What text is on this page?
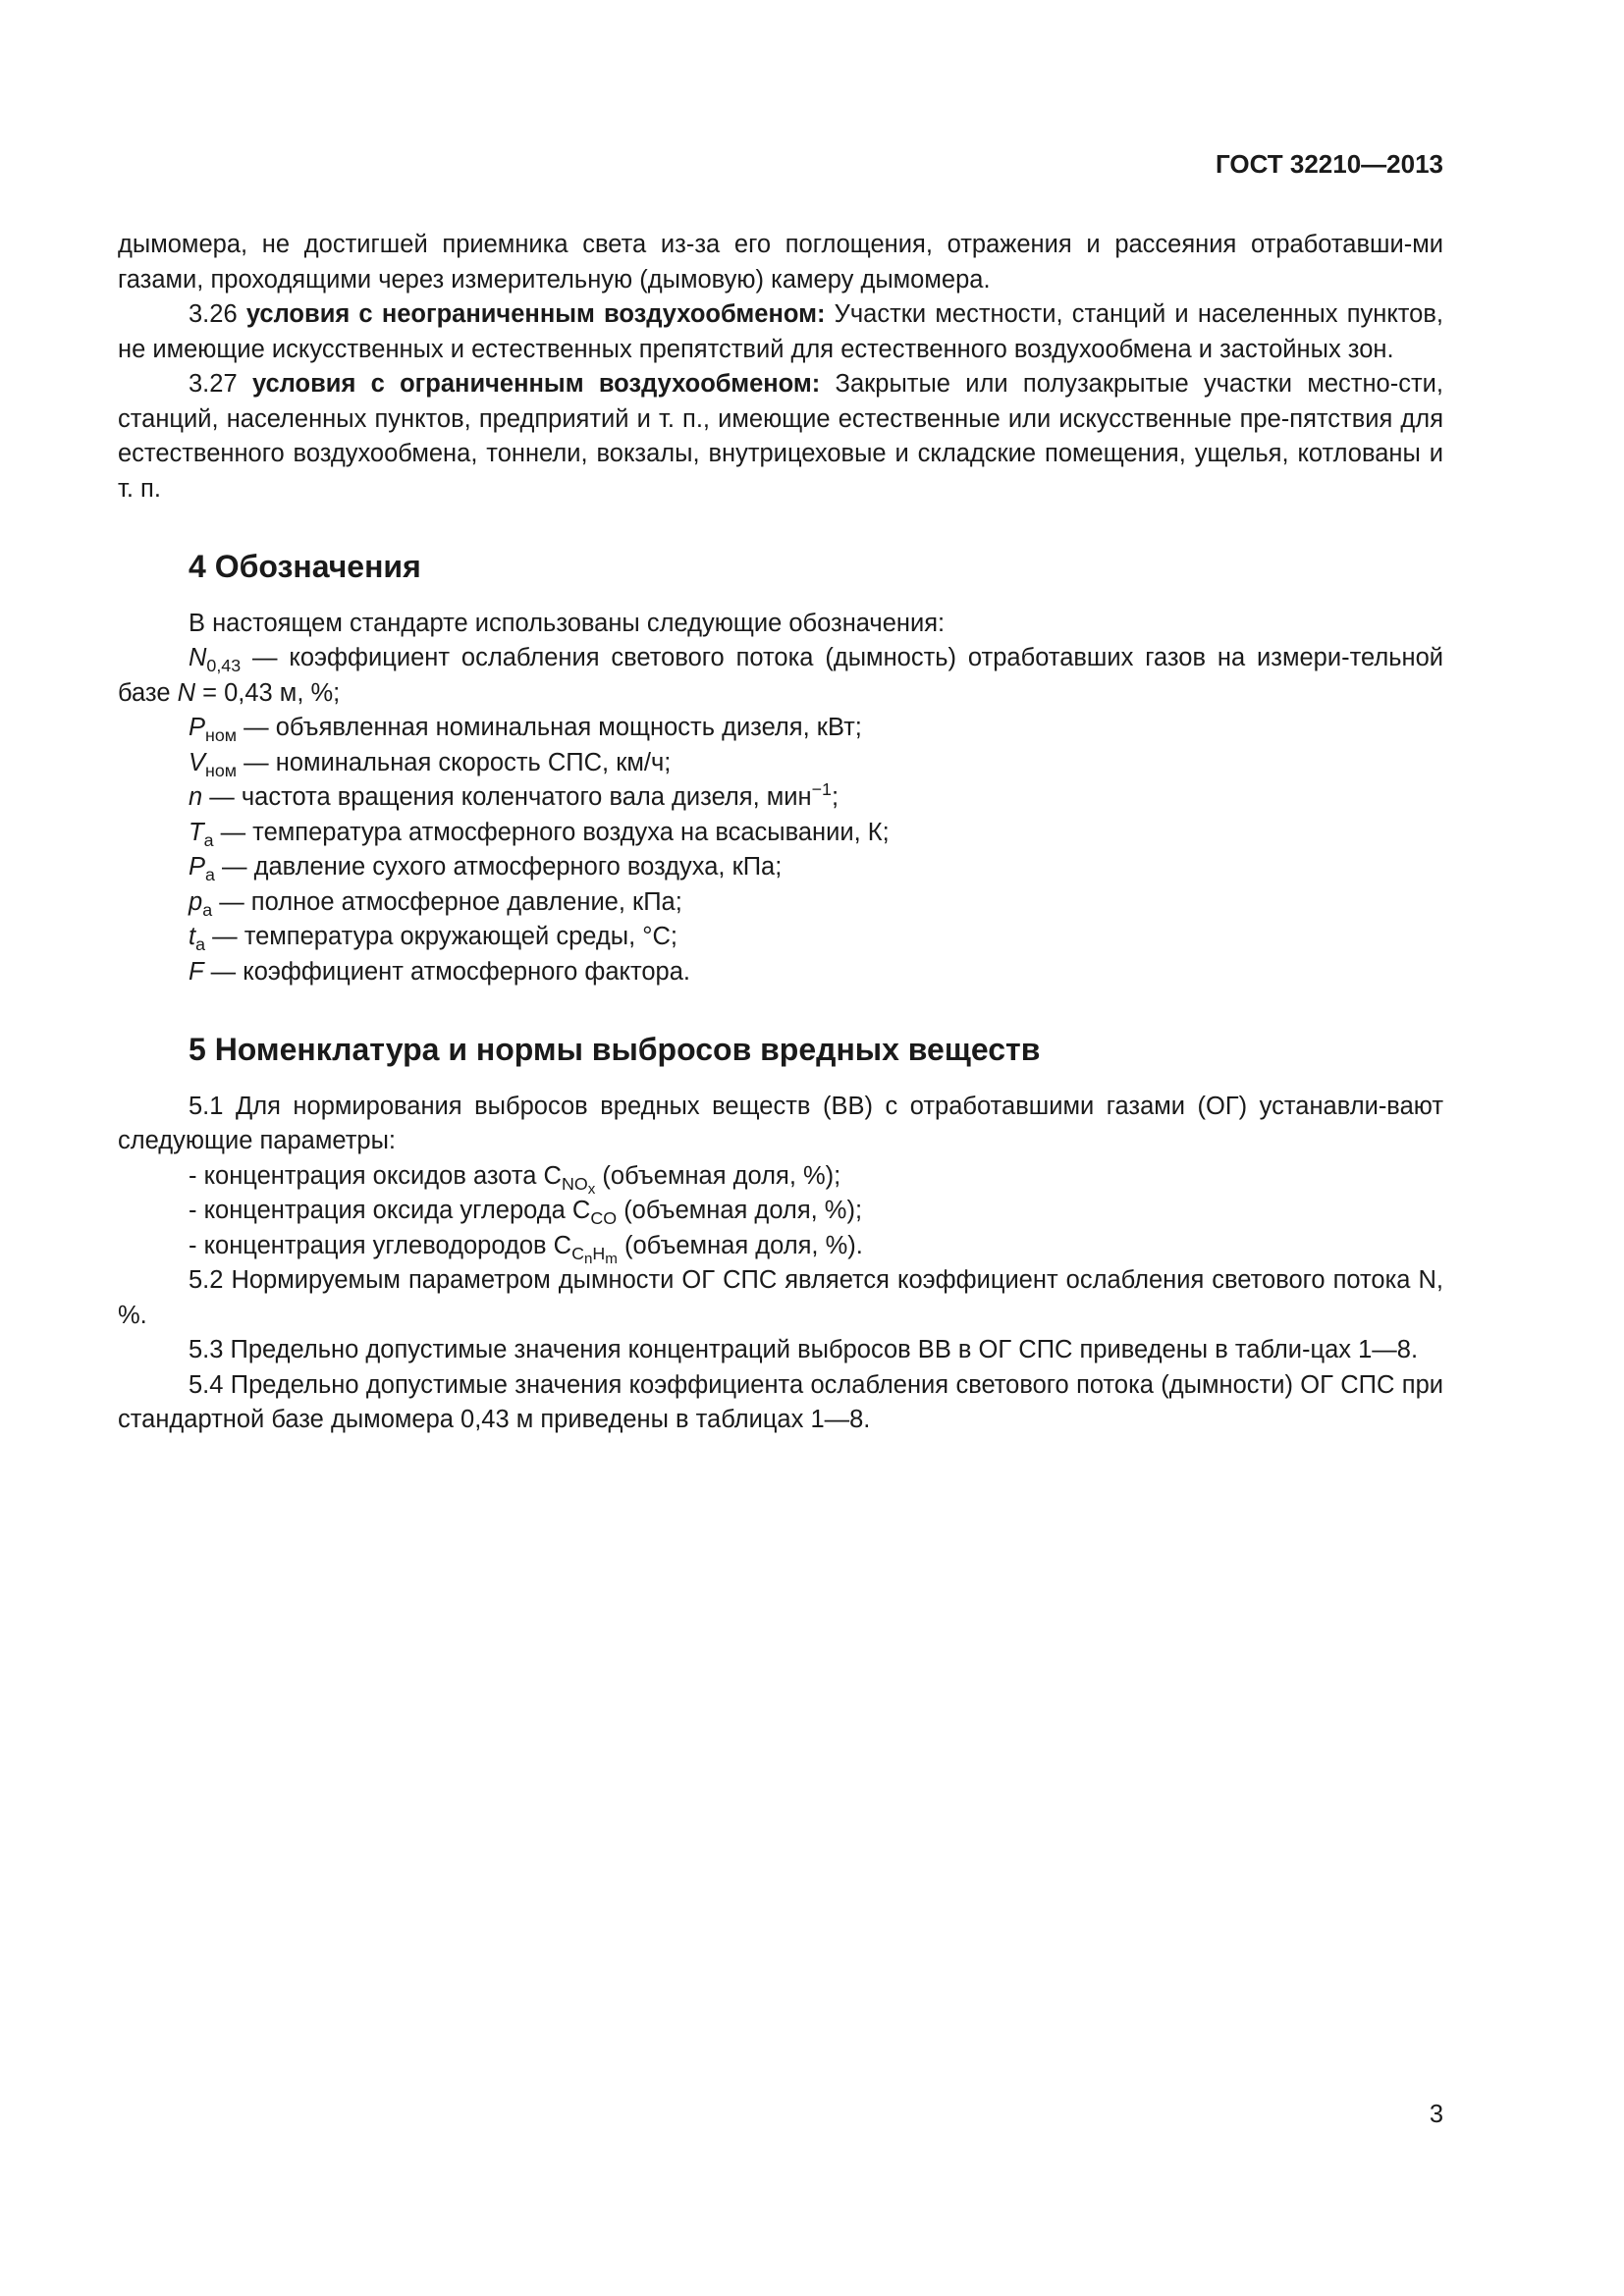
ГОСТ 32210—2013

дымомера, не достигшей приемника света из-за его поглощения, отражения и рассеяния отработавши-ми газами, проходящими через измерительную (дымовую) камеру дымомера.

3.26 условия с неограниченным воздухообменом: Участки местности, станций и населенных пунктов, не имеющие искусственных и естественных препятствий для естественного воздухообмена и застойных зон.

3.27 условия с ограниченным воздухообменом: Закрытые или полузакрытые участки местно-сти, станций, населенных пунктов, предприятий и т. п., имеющие естественные или искусственные пре-пятствия для естественного воздухообмена, тоннели, вокзалы, внутрицеховые и складские помещения, ущелья, котлованы и т. п.

4 Обозначения

В настоящем стандарте использованы следующие обозначения:

$N_{0,43}$ — коэффициент ослабления светового потока (дымность) отработавших газов на измери-тельной базе N = 0,43 м, %;

$P_{ном}$ — объявленная номинальная мощность дизеля, кВт;

$V_{ном}$ — номинальная скорость СПС, км/ч;

n — частота вращения коленчатого вала дизеля, мин$^{-1}$;

$T_а$ — температура атмосферного воздуха на всасывании, К;

$P_а$ — давление сухого атмосферного воздуха, кПа;

$p_а$ — полное атмосферное давление, кПа;

$t_а$ — температура окружающей среды, °С;

F — коэффициент атмосферного фактора.

5 Номенклатура и нормы выбросов вредных веществ

5.1 Для нормирования выбросов вредных веществ (ВВ) с отработавшими газами (ОГ) устанавли-вают следующие параметры:

- концентрация оксидов азота $C_{NO_x}$ (объемная доля, %);

- концентрация оксида углерода $C_{CO}$ (объемная доля, %);

- концентрация углеводородов $C_{C_nH_m}$ (объемная доля, %).

5.2 Нормируемым параметром дымности ОГ СПС является коэффициент ослабления светового потока N, %.

5.3 Предельно допустимые значения концентраций выбросов ВВ в ОГ СПС приведены в табли-цах 1—8.

5.4 Предельно допустимые значения коэффициента ослабления светового потока (дымности) ОГ СПС при стандартной базе дымомера 0,43 м приведены в таблицах 1—8.

3
